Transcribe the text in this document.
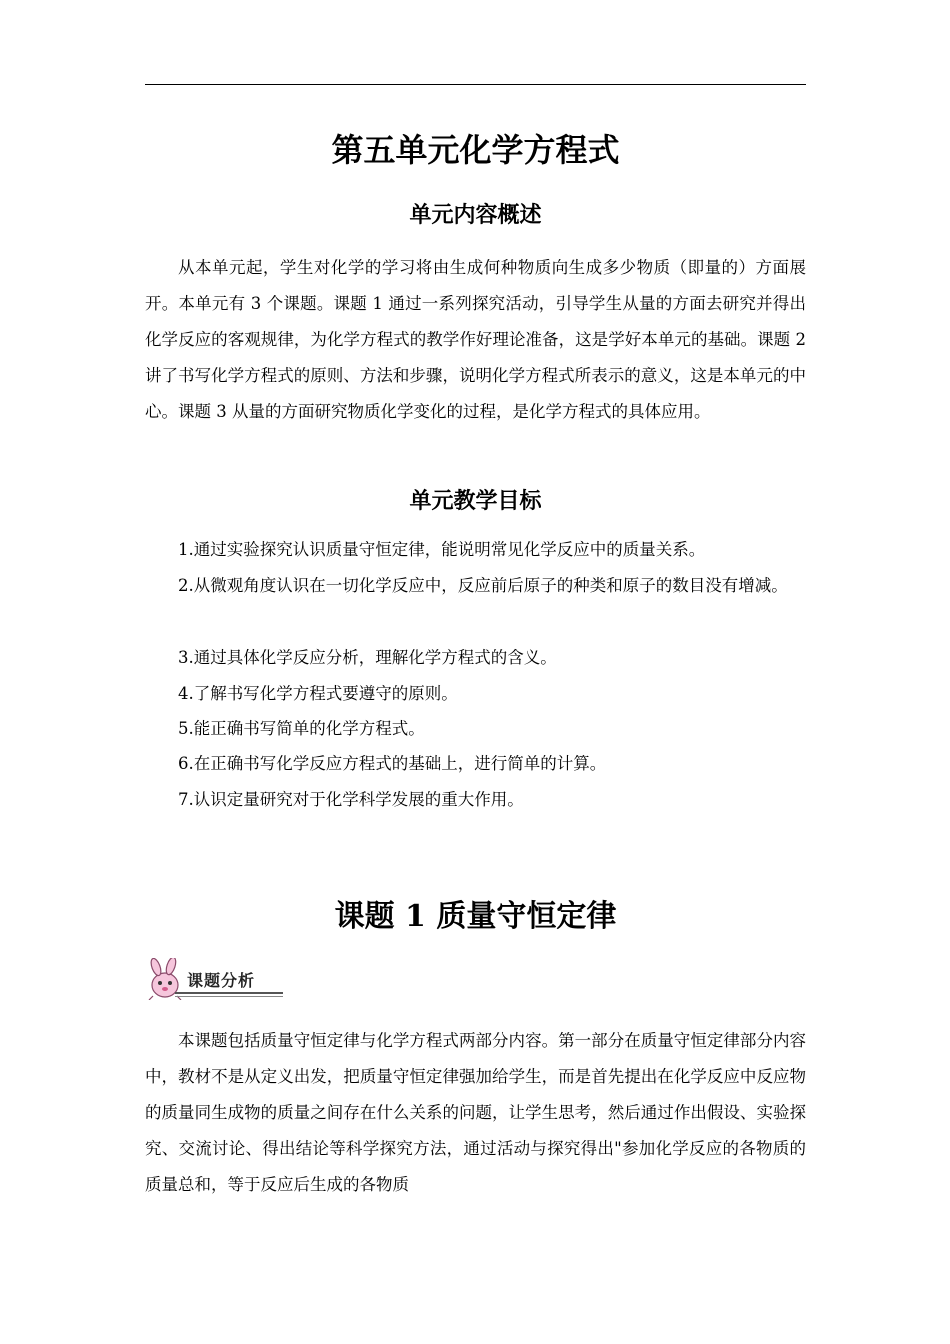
第五单元化学方程式
单元内容概述

从本单元起，学生对化学的学习将由生成何种物质向生成多少物质（即量的）方面展开。本单元有 3 个课题。课题 1 通过一系列探究活动，引导学生从量的方面去研究并得出化学反应的客观规律，为化学方程式的教学作好理论准备，这是学好本单元的基础。课题 2 讲了书写化学方程式的原则、方法和步骤，说明化学方程式所表示的意义，这是本单元的中心。课题 3 从量的方面研究物质化学变化的过程，是化学方程式的具体应用。

单元教学目标

1.通过实验探究认识质量守恒定律，能说明常见化学反应中的质量关系。

2.从微观角度认识在一切化学反应中，反应前后原子的种类和原子的数目没有增减。

3.通过具体化学反应分析，理解化学方程式的含义。

4.了解书写化学方程式要遵守的原则。

5.能正确书写简单的化学方程式。

6.在正确书写化学反应方程式的基础上，进行简单的计算。

7.认识定量研究对于化学科学发展的重大作用。

课题 1 质量守恒定律
课题分析

本课题包括质量守恒定律与化学方程式两部分内容。第一部分在质量守恒定律部分内容中，教材不是从定义出发，把质量守恒定律强加给学生，而是首先提出在化学反应中反应物的质量同生成物的质量之间存在什么关系的问题，让学生思考，然后通过作出假设、实验探究、交流讨论、得出结论等科学探究方法，通过活动与探究得出"参加化学反应的各物质的质量总和，等于反应后生成的各物质
